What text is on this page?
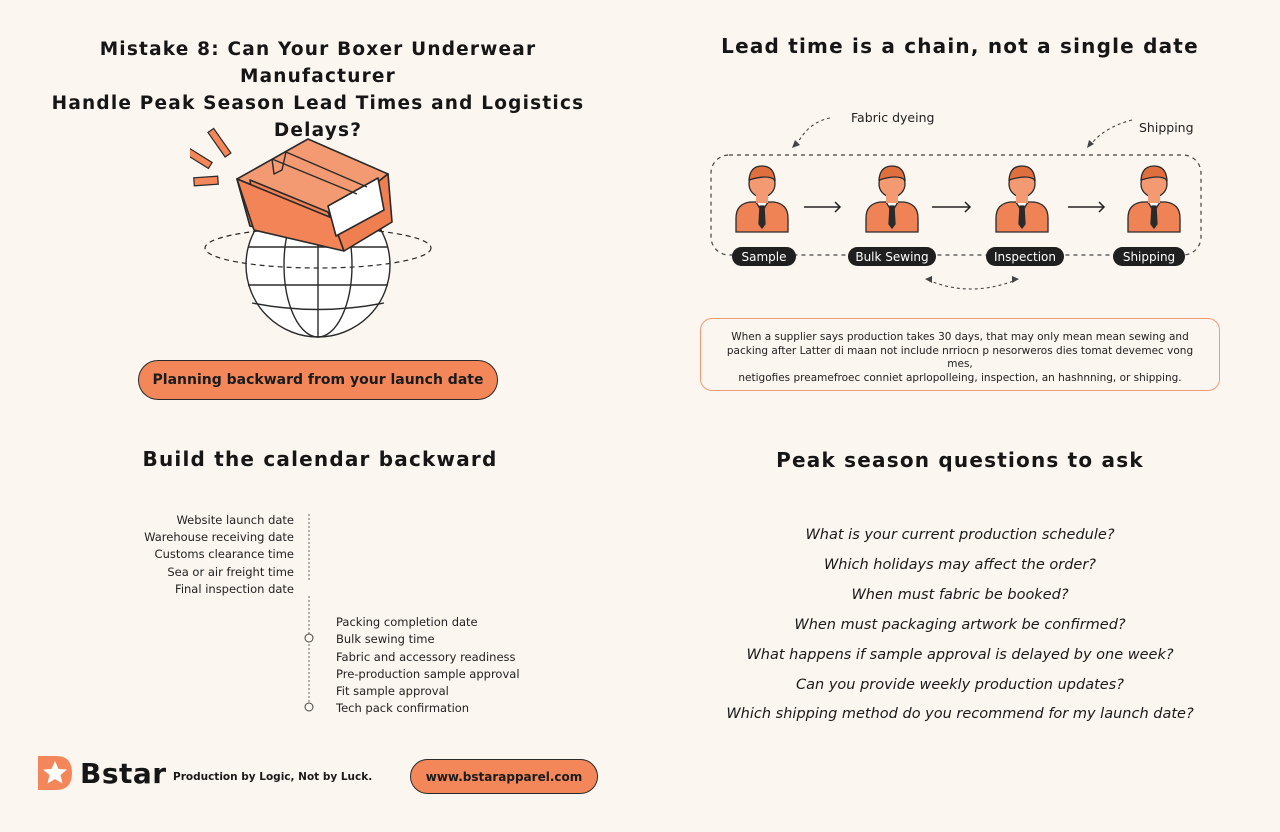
Mistake 8: Can Your Boxer Underwear Manufacturer
Handle Peak Season Lead Times and Logistics Delays?
Planning backward from your launch date
Lead time is a chain, not a single date
Fabric dyeing
Shipping
Sample	Bulk Sewing	Inspection	Shipping

When a supplier says production takes 30 days, that may only mean mean sewing and

packing after Latter di maan not include nrriocn p nesorweros dies tomat devemec vong mes,

netigofies preamefroec conniet aprlopolleing, inspection, an hashnning, or shipping.

Build the calendar backward
Website launch date
Warehouse receiving date
Customs clearance time
Sea or air freight time
Final inspection date
Packing completion date
Bulk sewing time
Fabric and accessory readiness
Pre-production sample approval
Fit sample approval
Tech pack confirmation
Peak season questions to ask
What is your current production schedule?
Which holidays may affect the order?
When must fabric be booked?
When must packaging artwork be confirmed?
What happens if sample approval is delayed by one week?
Can you provide weekly production updates?
Which shipping method do you recommend for my launch date?
Bstar Production by Logic, Not by Luck.	www.bstarapparel.com
